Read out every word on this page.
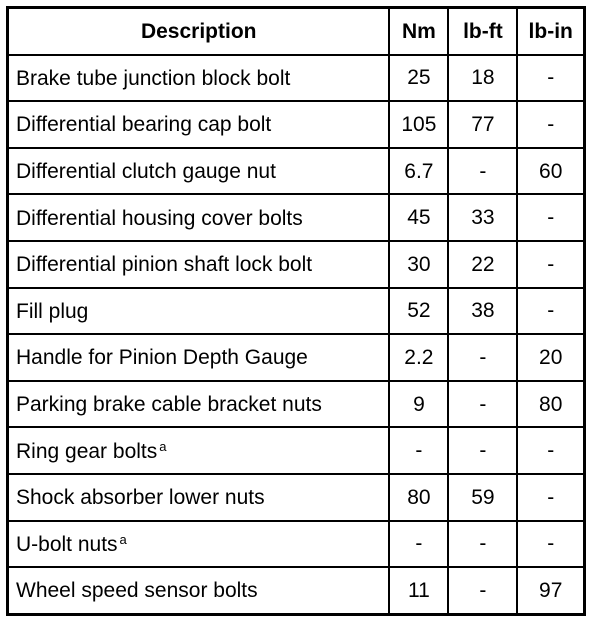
Description	Nm	lb-ft	lb-in
Brake tube junction block bolt	25	18	-
Differential bearing cap bolt	105	77	-
Differential clutch gauge nut	6.7	-	60
Differential housing cover bolts	45	33	-
Differential pinion shaft lock bolt	30	22	-
Fill plug	52	38	-
Handle for Pinion Depth Gauge	2.2	-	20
Parking brake cable bracket nuts	9	-	80
Ring gear bolts $^a$	-	-	-
Shock absorber lower nuts	80	59	-
U-bolt nuts $^a$	-	-	-
Wheel speed sensor bolts	11	-	97
